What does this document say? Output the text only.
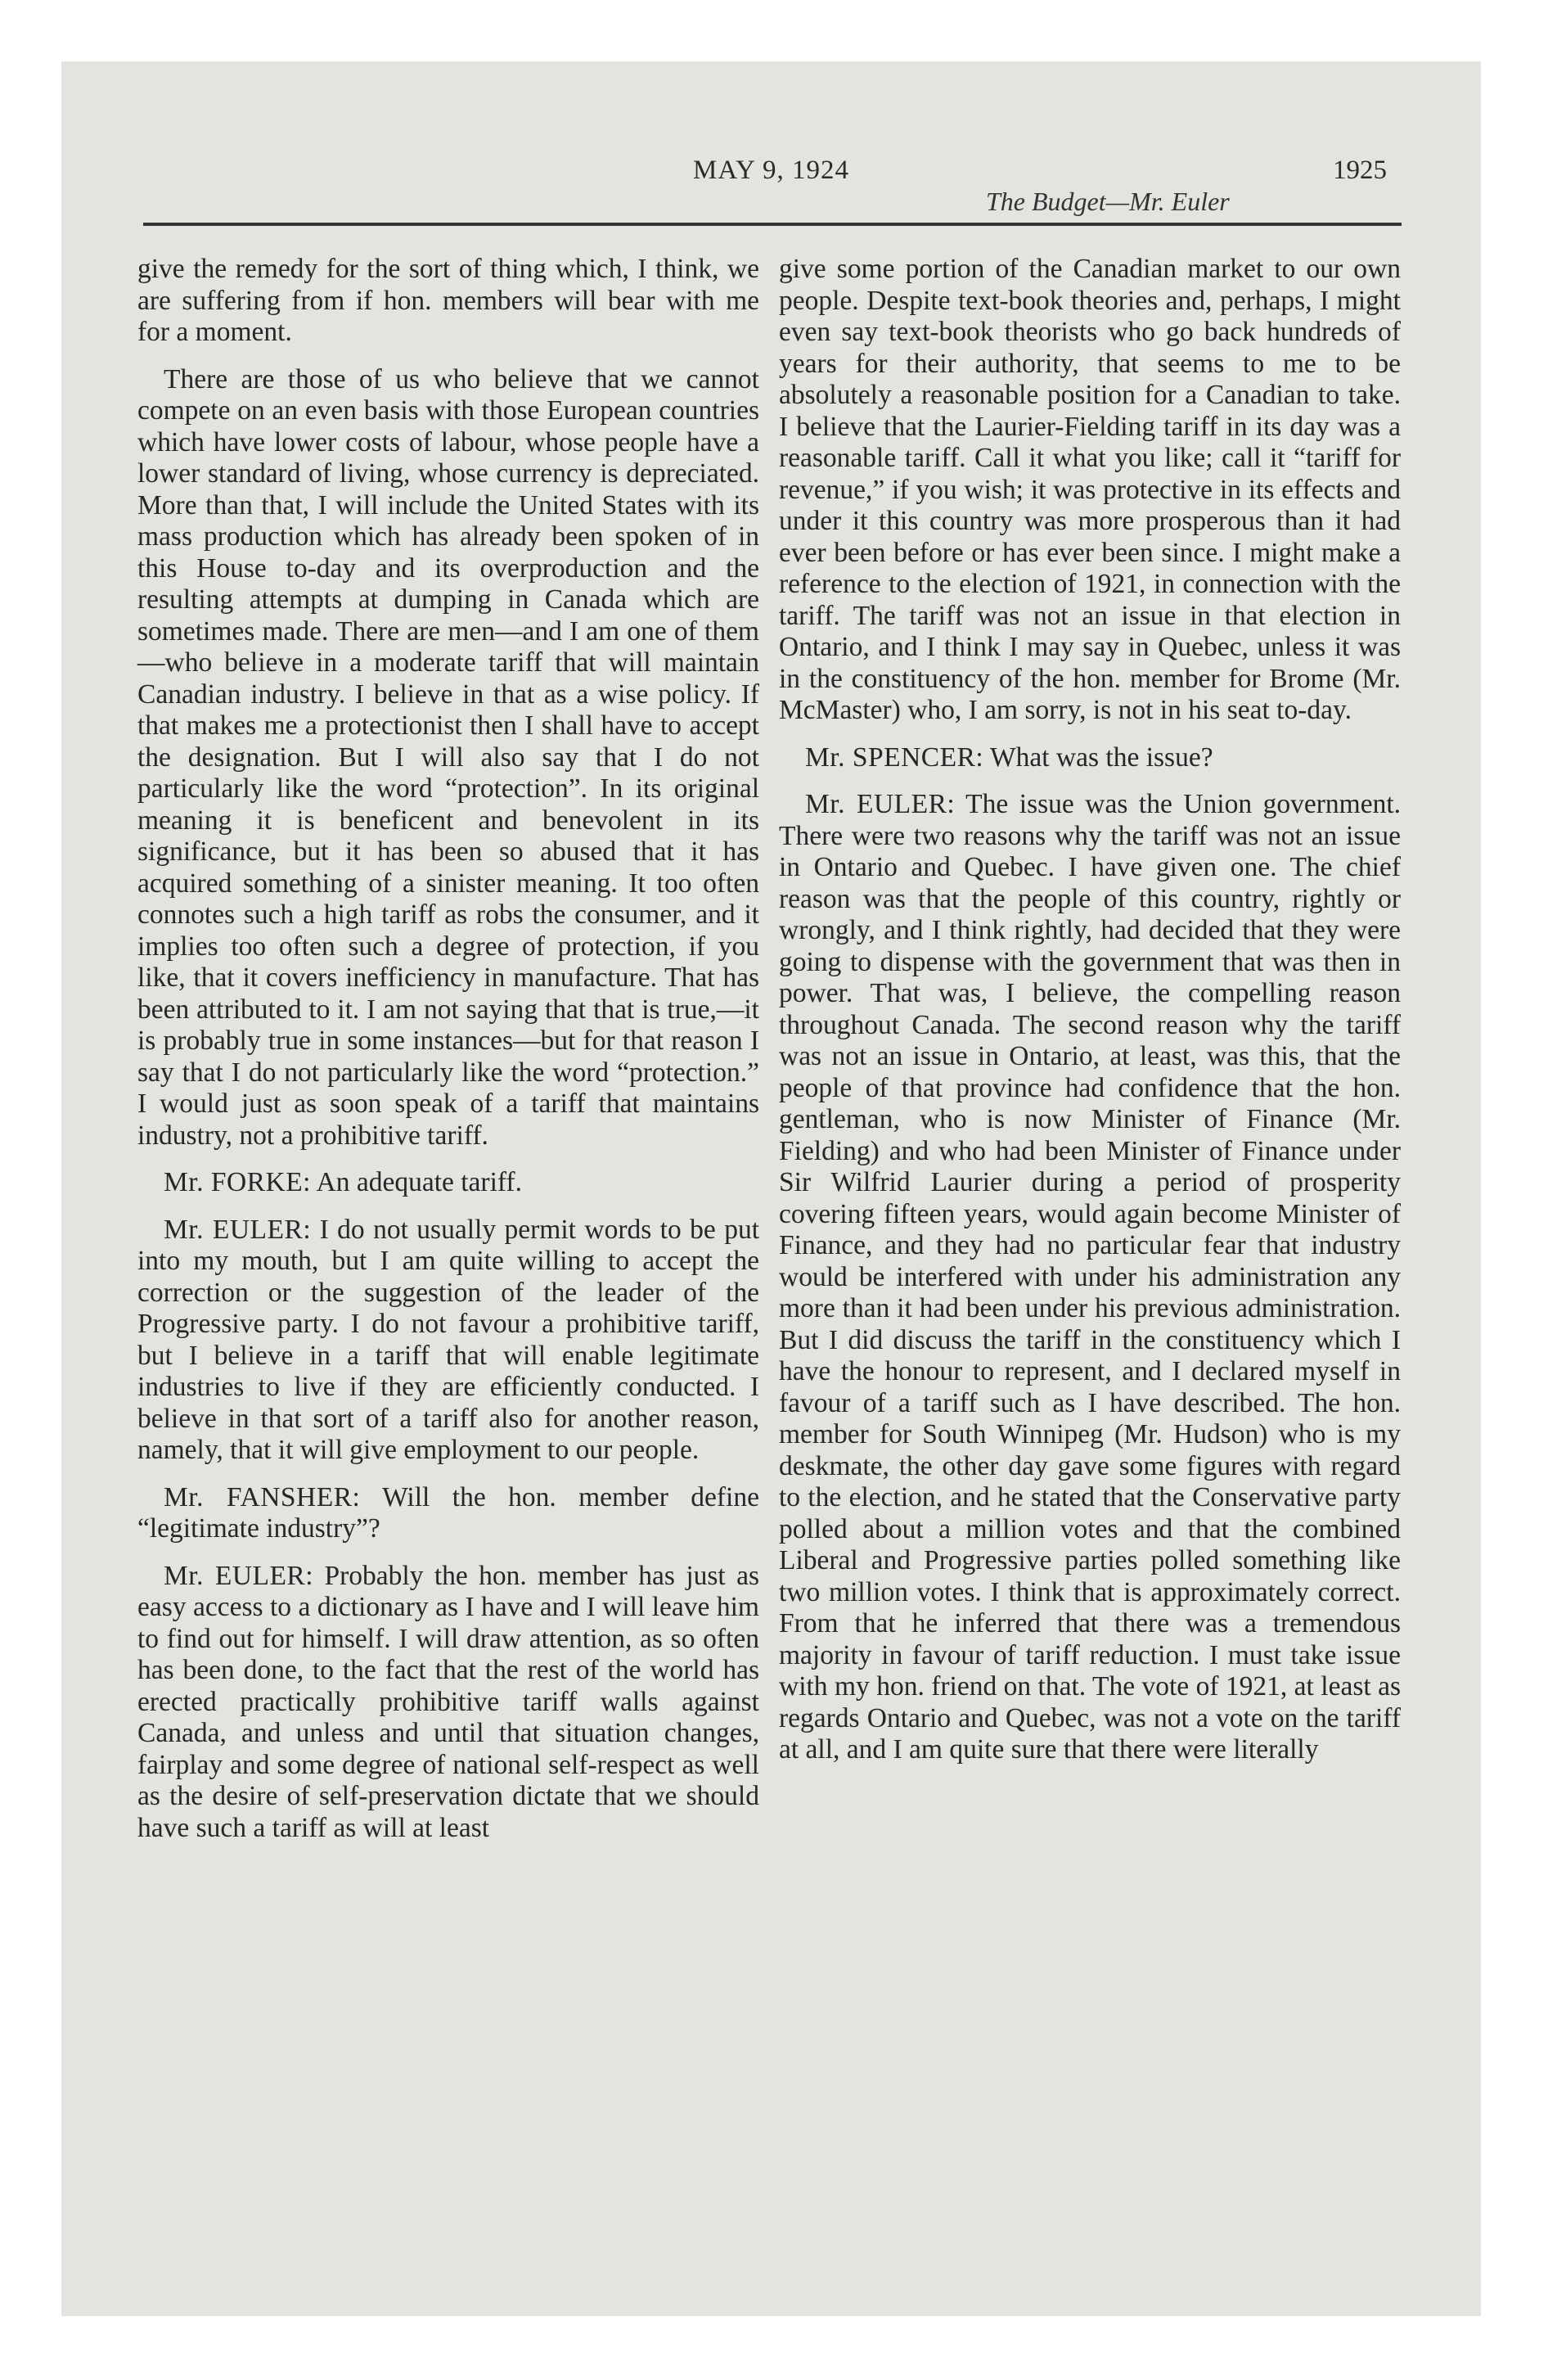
MAY 9, 1924	1925
The Budget—Mr. Euler

give the remedy for the sort of thing which, I think, we are suffering from if hon. members will bear with me for a moment.

There are those of us who believe that we cannot compete on an even basis with those European countries which have lower costs of labour, whose people have a lower standard of living, whose currency is depreciated. More than that, I will include the United States with its mass production which has already been spoken of in this House to-day and its overproduction and the resulting attempts at dumping in Canada which are sometimes made. There are men—and I am one of them —who believe in a moderate tariff that will maintain Canadian industry. I believe in that as a wise policy. If that makes me a protectionist then I shall have to accept the designation. But I will also say that I do not particularly like the word “protection”. In its original meaning it is beneficent and benevolent in its significance, but it has been so abused that it has acquired something of a sinister meaning. It too often connotes such a high tariff as robs the consumer, and it implies too often such a degree of protection, if you like, that it covers inefficiency in manufacture. That has been attributed to it. I am not saying that that is true,—it is probably true in some instances—but for that reason I say that I do not particularly like the word “protection.” I would just as soon speak of a tariff that maintains industry, not a prohibitive tariff.

Mr. FORKE: An adequate tariff.

Mr. EULER: I do not usually permit words to be put into my mouth, but I am quite willing to accept the correction or the suggestion of the leader of the Progressive party. I do not favour a prohibitive tariff, but I believe in a tariff that will enable legitimate industries to live if they are efficiently conducted. I believe in that sort of a tariff also for another reason, namely, that it will give employment to our people.

Mr. FANSHER: Will the hon. member define “legitimate industry”?

Mr. EULER: Probably the hon. member has just as easy access to a dictionary as I have and I will leave him to find out for himself. I will draw attention, as so often has been done, to the fact that the rest of the world has erected practically prohibitive tariff walls against Canada, and unless and until that situation changes, fairplay and some degree of national self-respect as well as the desire of self-preservation dictate that we should have such a tariff as will at least

give some portion of the Canadian market to our own people. Despite text-book theories and, perhaps, I might even say text-book theorists who go back hundreds of years for their authority, that seems to me to be absolutely a reasonable position for a Canadian to take. I believe that the Laurier-Fielding tariff in its day was a reasonable tariff. Call it what you like; call it “tariff for revenue,” if you wish; it was protective in its effects and under it this country was more prosperous than it had ever been before or has ever been since. I might make a reference to the election of 1921, in connection with the tariff. The tariff was not an issue in that election in Ontario, and I think I may say in Quebec, unless it was in the constituency of the hon. member for Brome (Mr. McMaster) who, I am sorry, is not in his seat to-day.

Mr. SPENCER: What was the issue?

Mr. EULER: The issue was the Union government. There were two reasons why the tariff was not an issue in Ontario and Quebec. I have given one. The chief reason was that the people of this country, rightly or wrongly, and I think rightly, had decided that they were going to dispense with the government that was then in power. That was, I believe, the compelling reason throughout Canada. The second reason why the tariff was not an issue in Ontario, at least, was this, that the people of that province had confidence that the hon. gentleman, who is now Minister of Finance (Mr. Fielding) and who had been Minister of Finance under Sir Wilfrid Laurier during a period of prosperity covering fifteen years, would again become Minister of Finance, and they had no particular fear that industry would be interfered with under his administration any more than it had been under his previous administration. But I did discuss the tariff in the constituency which I have the honour to represent, and I declared myself in favour of a tariff such as I have described. The hon. member for South Winnipeg (Mr. Hudson) who is my deskmate, the other day gave some figures with regard to the election, and he stated that the Conservative party polled about a million votes and that the combined Liberal and Progressive parties polled something like two million votes. I think that is approximately correct. From that he inferred that there was a tremendous majority in favour of tariff reduction. I must take issue with my hon. friend on that. The vote of 1921, at least as regards Ontario and Quebec, was not a vote on the tariff at all, and I am quite sure that there were literally
